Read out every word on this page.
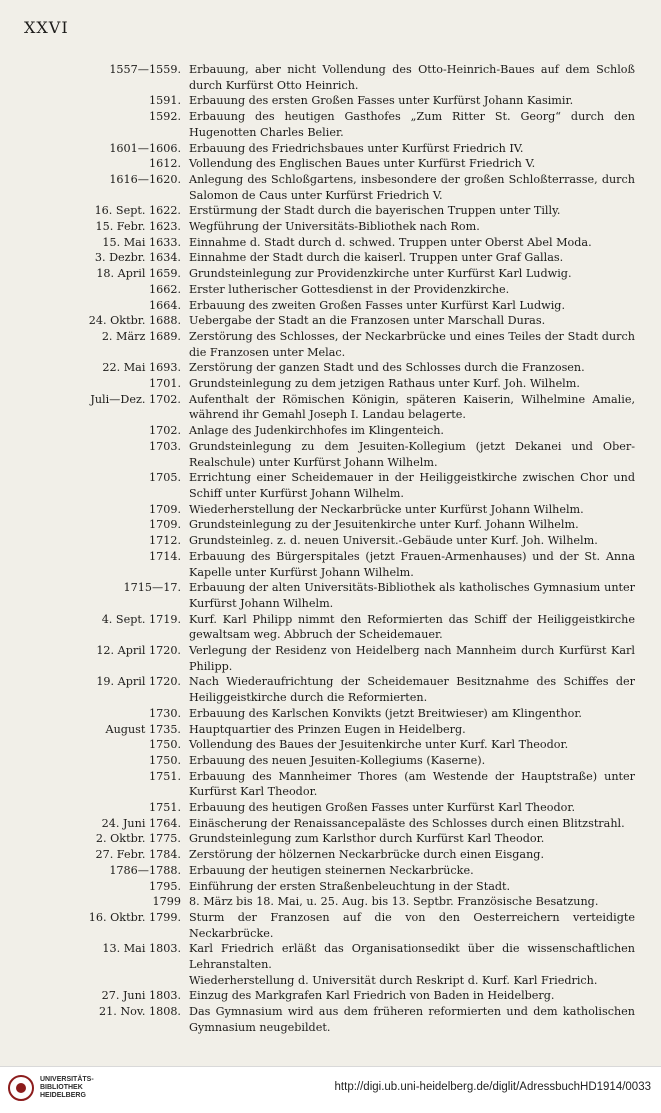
XXVI
1557—1559. Erbauung, aber nicht Vollendung des Otto-Heinrich-Baues auf dem Schloß durch Kurfürst Otto Heinrich.
1591. Erbauung des ersten Großen Fasses unter Kurfürst Johann Kasimir.
1592. Erbauung des heutigen Gasthofes „Zum Ritter St. Georg“ durch den Hugenotten Charles Belier.
1601—1606. Erbauung des Friedrichsbaues unter Kurfürst Friedrich IV.
1612. Vollendung des Englischen Baues unter Kurfürst Friedrich V.
1616—1620. Anlegung des Schloßgartens, insbesondere der großen Schloßterrasse, durch Salomon de Caus unter Kurfürst Friedrich V.
16. Sept. 1622. Erstürmung der Stadt durch die bayerischen Truppen unter Tilly.
15. Febr. 1623. Wegführung der Universitäts-Bibliothek nach Rom.
15. Mai 1633. Einnahme d. Stadt durch d. schwed. Truppen unter Oberst Abel Moda.
3. Dezbr. 1634. Einnahme der Stadt durch die kaiserl. Truppen unter Graf Gallas.
18. April 1659. Grundsteinlegung zur Providenzkirche unter Kurfürst Karl Ludwig.
1662. Erster lutherischer Gottesdienst in der Providenzkirche.
1664. Erbauung des zweiten Großen Fasses unter Kurfürst Karl Ludwig.
24. Oktbr. 1688. Uebergabe der Stadt an die Franzosen unter Marschall Duras.
2. März 1689. Zerstörung des Schlosses, der Neckarbrücke und eines Teiles der Stadt durch die Franzosen unter Melac.
22. Mai 1693. Zerstörung der ganzen Stadt und des Schlosses durch die Franzosen.
1701. Grundsteinlegung zu dem jetzigen Rathaus unter Kurf. Joh. Wilhelm.
Juli—Dez. 1702. Aufenthalt der Römischen Königin, späteren Kaiserin, Wilhelmine Amalie, während ihr Gemahl Joseph I. Landau belagerte.
1702. Anlage des Judenkirchhofes im Klingenteich.
1703. Grundsteinlegung zu dem Jesuiten-Kollegium (jetzt Dekanei und Ober-Realschule) unter Kurfürst Johann Wilhelm.
1705. Errichtung einer Scheidemauer in der Heiliggeistkirche zwischen Chor und Schiff unter Kurfürst Johann Wilhelm.
1709. Wiederherstellung der Neckarbrücke unter Kurfürst Johann Wilhelm.
1709. Grundsteinlegung zu der Jesuitenkirche unter Kurf. Johann Wilhelm.
1712. Grundsteinleg. z. d. neuen Universit.-Gebäude unter Kurf. Joh. Wilhelm.
1714. Erbauung des Bürgerspitales (jetzt Frauen-Armenhauses) und der St. Anna Kapelle unter Kurfürst Johann Wilhelm.
1715—17. Erbauung der alten Universitäts-Bibliothek als katholisches Gymnasium unter Kurfürst Johann Wilhelm.
4. Sept. 1719. Kurf. Karl Philipp nimmt den Reformierten das Schiff der Heiliggeistkirche gewaltsam weg. Abbruch der Scheidemauer.
12. April 1720. Verlegung der Residenz von Heidelberg nach Mannheim durch Kurfürst Karl Philipp.
19. April 1720. Nach Wiederaufrichtung der Scheidemauer Besitznahme des Schiffes der Heiliggeistkirche durch die Reformierten.
1730. Erbauung des Karlschen Konvikts (jetzt Breitwieser) am Klingenthor.
August 1735. Hauptquartier des Prinzen Eugen in Heidelberg.
1750. Vollendung des Baues der Jesuitenkirche unter Kurf. Karl Theodor.
1750. Erbauung des neuen Jesuiten-Kollegiums (Kaserne).
1751. Erbauung des Mannheimer Thores (am Westende der Hauptstraße) unter Kurfürst Karl Theodor.
1751. Erbauung des heutigen Großen Fasses unter Kurfürst Karl Theodor.
24. Juni 1764. Einäscherung der Renaissancepaläste des Schlosses durch einen Blitzstrahl.
2. Oktbr. 1775. Grundsteinlegung zum Karlsthor durch Kurfürst Karl Theodor.
27. Febr. 1784. Zerstörung der hölzernen Neckarbrücke durch einen Eisgang.
1786—1788. Erbauung der heutigen steinernen Neckarbrücke.
1795. Einführung der ersten Straßenbeleuchtung in der Stadt.
1799 8. März bis 18. Mai, u. 25. Aug. bis 13. Septbr. Französische Besatzung.
16. Oktbr. 1799. Sturm der Franzosen auf die von den Oesterreichern verteidigte Neckarbrücke.
13. Mai 1803. Karl Friedrich erläßt das Organisationsedikt über die wissenschaftlichen Lehranstalten.
Wiederherstellung d. Universität durch Reskript d. Kurf. Karl Friedrich.
27. Juni 1803. Einzug des Markgrafen Karl Friedrich von Baden in Heidelberg.
21. Nov. 1808. Das Gymnasium wird aus dem früheren reformierten und dem katholischen Gymnasium neugebildet.
UNIVERSITÄTS-
BIBLIOTHEK
HEIDELBERG
http://digi.ub.uni-heidelberg.de/diglit/AdressbuchHD1914/0033
